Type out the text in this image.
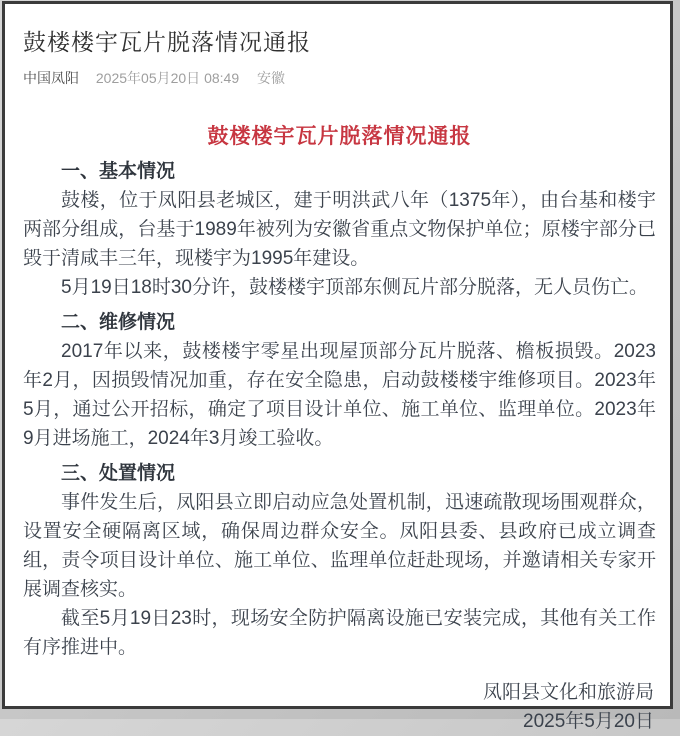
鼓楼楼宇瓦片脱落情况通报
中国凤阳 2025年05月20日 08:49 安徽
鼓楼楼宇瓦片脱落情况通报
一、基本情况

鼓楼，位于凤阳县老城区，建于明洪武八年（1375年），由台基和楼宇两部分组成，台基于1989年被列为安徽省重点文物保护单位；原楼宇部分已毁于清咸丰三年，现楼宇为1995年建设。

5月19日18时30分许，鼓楼楼宇顶部东侧瓦片部分脱落，无人员伤亡。

二、维修情况

2017年以来，鼓楼楼宇零星出现屋顶部分瓦片脱落、檐板损毁。2023年2月，因损毁情况加重，存在安全隐患，启动鼓楼楼宇维修项目。2023年5月，通过公开招标，确定了项目设计单位、施工单位、监理单位。2023年9月进场施工，2024年3月竣工验收。

三、处置情况

事件发生后，凤阳县立即启动应急处置机制，迅速疏散现场围观群众，设置安全硬隔离区域，确保周边群众安全。凤阳县委、县政府已成立调查组，责令项目设计单位、施工单位、监理单位赶赴现场，并邀请相关专家开展调查核实。

截至5月19日23时，现场安全防护隔离设施已安装完成，其他有关工作有序推进中。

凤阳县文化和旅游局
2025年5月20日
